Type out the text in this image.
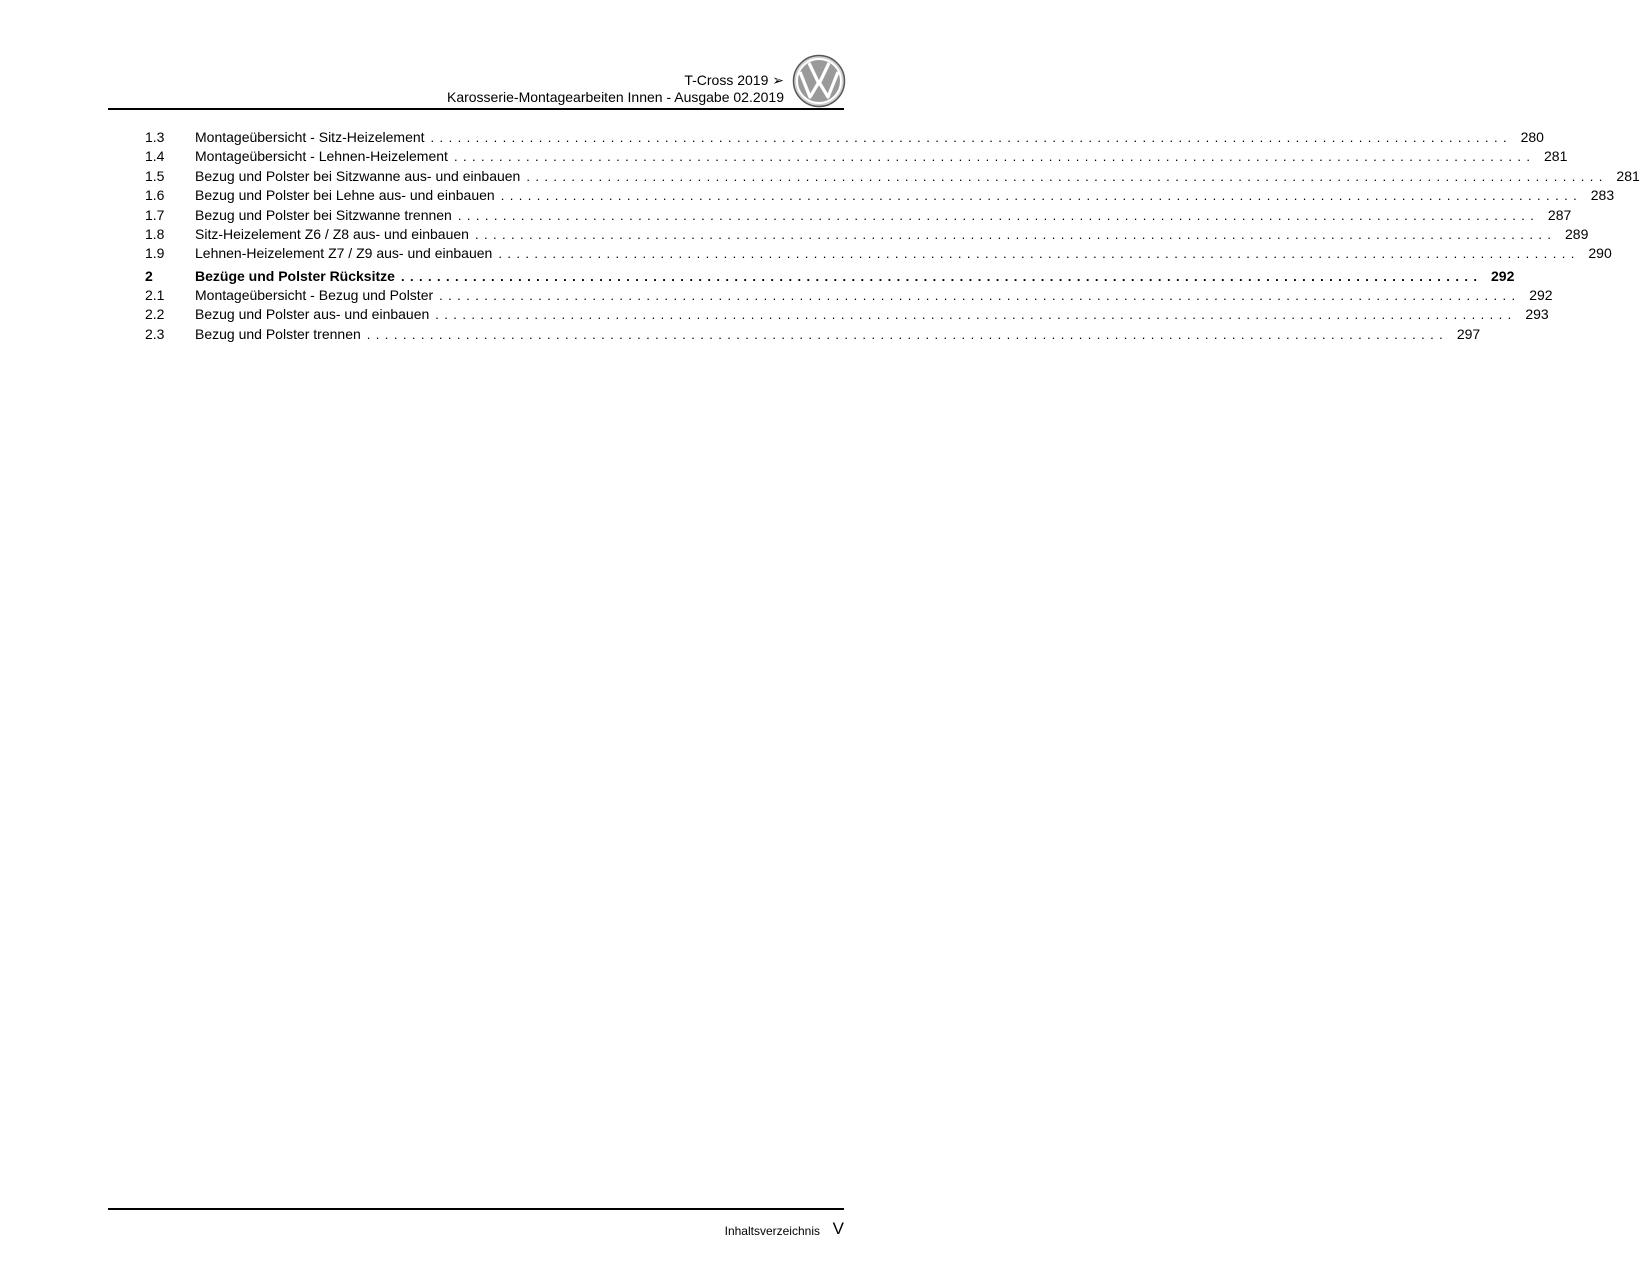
T-Cross 2019 ➢
Karosserie-Montagearbeiten Innen - Ausgabe 02.2019
1.3	Montageübersicht - Sitz-Heizelement ........................................................................................................................ 280
1.4	Montageübersicht - Lehnen-Heizelement ........................................................................................................................ 281
1.5	Bezug und Polster bei Sitzwanne aus- und einbauen ........................................................................................................................ 281
1.6	Bezug und Polster bei Lehne aus- und einbauen ........................................................................................................................ 283
1.7	Bezug und Polster bei Sitzwanne trennen ........................................................................................................................ 287
1.8	Sitz-Heizelement Z6 / Z8 aus- und einbauen ........................................................................................................................ 289
1.9	Lehnen-Heizelement Z7 / Z9 aus- und einbauen ........................................................................................................................ 290
2	Bezüge und Polster Rücksitze ........................................................................................................................ 292
2.1	Montageübersicht - Bezug und Polster ........................................................................................................................ 292
2.2	Bezug und Polster aus- und einbauen ........................................................................................................................ 293
2.3	Bezug und Polster trennen ........................................................................................................................ 297
Inhaltsverzeichnis V
